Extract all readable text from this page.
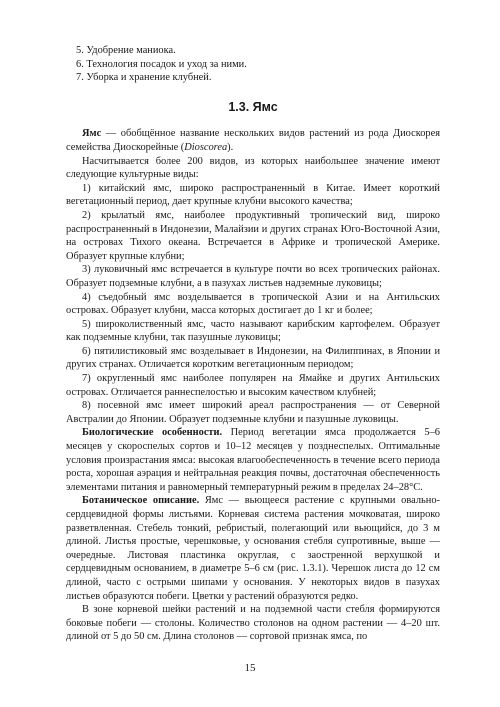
5. Удобрение маниока.
6. Технология посадок и уход за ними.
7. Уборка и хранение клубней.
1.3. Ямс

Ямс — обобщённое название нескольких видов растений из рода Диоскорея семейства Диоскорейные (Dioscorea).

Насчитывается более 200 видов, из которых наибольшее значение имеют следующие культурные виды:

1) китайский ямс, широко распространенный в Китае. Имеет короткий вегетационный период, дает крупные клубни высокого качества;

2) крылатый ямс, наиболее продуктивный тропический вид, широко распространенный в Индонезии, Малайзии и других странах Юго-Восточной Азии, на островах Тихого океана. Встречается в Африке и тропической Америке. Образует крупные клубни;

3) луковичный ямс встречается в культуре почти во всех тропических районах. Образует подземные клубни, а в пазухах листьев надземные луковицы;

4) съедобный ямс возделывается в тропической Азии и на Антильских островах. Образует клубни, масса которых достигает до 1 кг и более;

5) широколиственный ямс, часто называют карибским картофелем. Образует как подземные клубни, так пазушные луковицы;

6) пятилистиковый ямс возделывает в Индонезии, на Филиппинах, в Японии и других странах. Отличается коротким вегетационным периодом;

7) округленный ямс наиболее популярен на Ямайке и других Антильских островах. Отличается раннеспелостью и высоким качеством клубней;

8) посевной ямс имеет широкий ареал распространения — от Северной Австралии до Японии. Образует подземные клубни и пазушные луковицы.

Биологические особенности. Период вегетации ямса продолжается 5–6 месяцев у скороспелых сортов и 10–12 месяцев у позднеспелых. Оптимальные условия произрастания ямса: высокая влагообеспеченность в течение всего периода роста, хорошая аэрация и нейтральная реакция почвы, достаточная обеспеченность элементами питания и равномерный температурный режим в пределах 24–28°С.

Ботаническое описание. Ямс — вьющееся растение с крупными овально-сердцевидной формы листьями. Корневая система растения мочковатая, широко разветвленная. Стебель тонкий, ребристый, полегающий или вьющийся, до 3 м длиной. Листья простые, черешковые, у основания стебля супротивные, выше — очередные. Листовая пластинка округлая, с заостренной верхушкой и сердцевидным основанием, в диаметре 5–6 см (рис. 1.3.1). Черешок листа до 12 см длиной, часто с острыми шипами у основания. У некоторых видов в пазухах листьев образуются побеги. Цветки у растений образуются редко.

В зоне корневой шейки растений и на подземной части стебля формируются боковые побеги — столоны. Количество столонов на одном растении — 4–20 шт. длиной от 5 до 50 см. Длина столонов — сортовой признак ямса, по

15
